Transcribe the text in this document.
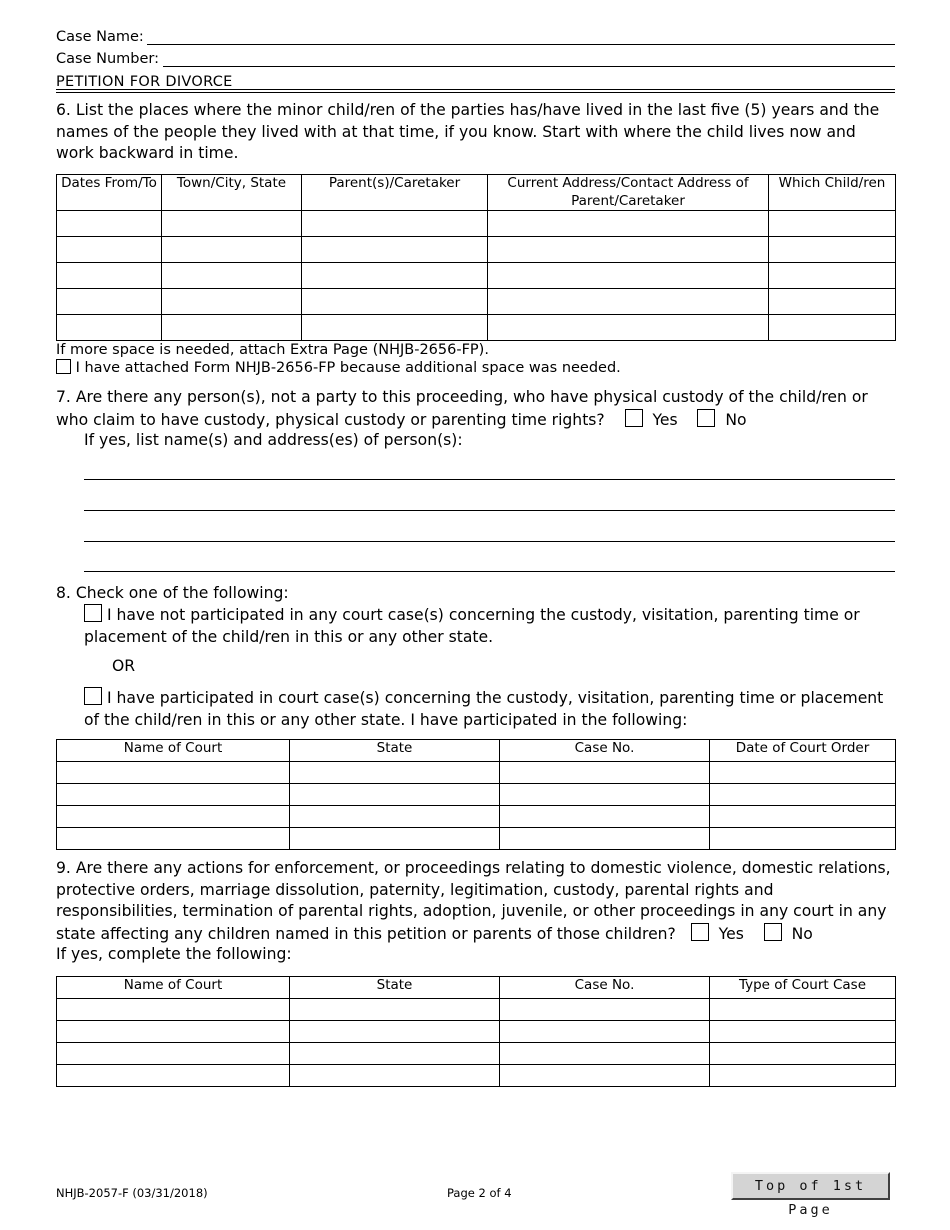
Case Name:
Case Number:
PETITION FOR DIVORCE
6. List the places where the minor child/ren of the parties has/have lived in the last five (5) years and the names of the people they lived with at that time, if you know. Start with where the child lives now and work backward in time.
Dates From/To	Town/City, State	Parent(s)/Caretaker	Current Address/Contact Address of Parent/Caretaker	Which Child/ren

If more space is needed, attach Extra Page (NHJB-2656-FP).
I have attached Form NHJB-2656-FP because additional space was needed.
7. Are there any person(s), not a party to this proceeding, who have physical custody of the child/ren or who claim to have custody, physical custody or parenting time rights?	Yes	No
If yes, list name(s) and address(es) of person(s):
8. Check one of the following:
I have not participated in any court case(s) concerning the custody, visitation, parenting time or placement of the child/ren in this or any other state.
OR
I have participated in court case(s) concerning the custody, visitation, parenting time or placement of the child/ren in this or any other state. I have participated in the following:
Name of Court	State	Case No.	Date of Court Order

9. Are there any actions for enforcement, or proceedings relating to domestic violence, domestic relations, protective orders, marriage dissolution, paternity, legitimation, custody, parental rights and responsibilities, termination of parental rights, adoption, juvenile, or other proceedings in any court in any state affecting any children named in this petition or parents of those children?	Yes	No
If yes, complete the following:
Name of Court	State	Case No.	Type of Court Case

NHJB-2057-F (03/31/2018)	Page 2 of 4	Top of 1st Page
